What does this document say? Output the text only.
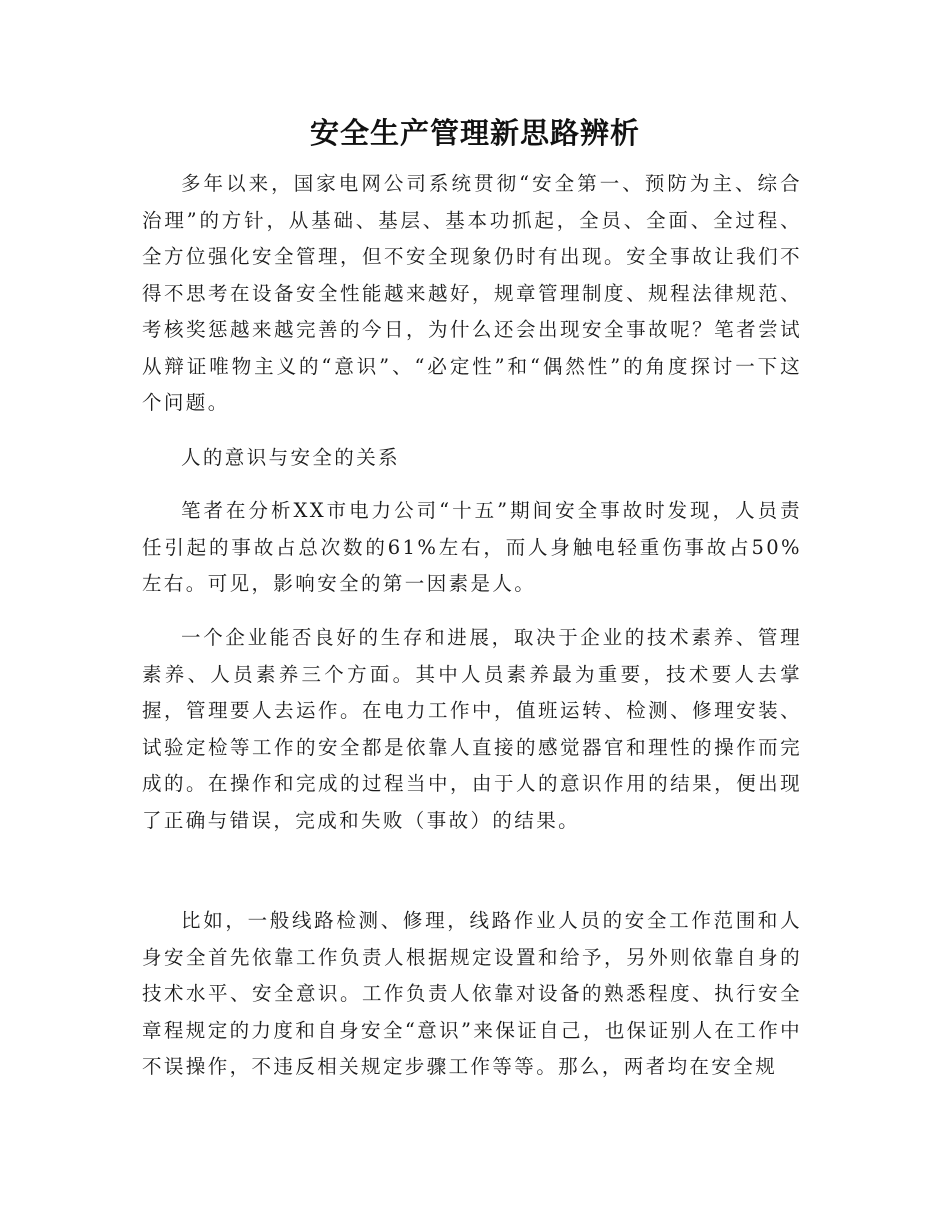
安全生产管理新思路辨析

多年以来，国家电网公司系统贯彻“安全第一、预防为主、综合治理”的方针，从基础、基层、基本功抓起，全员、全面、全过程、全方位强化安全管理，但不安全现象仍时有出现。安全事故让我们不得不思考在设备安全性能越来越好，规章管理制度、规程法律规范、考核奖惩越来越完善的今日，为什么还会出现安全事故呢？笔者尝试从辩证唯物主义的“意识”、“必定性”和“偶然性”的角度探讨一下这个问题。

人的意识与安全的关系

笔者在分析XX市电力公司“十五”期间安全事故时发现，人员责任引起的事故占总次数的61%左右，而人身触电轻重伤事故占50%左右。可见，影响安全的第一因素是人。

一个企业能否良好的生存和进展，取决于企业的技术素养、管理素养、人员素养三个方面。其中人员素养最为重要，技术要人去掌握，管理要人去运作。在电力工作中，值班运转、检测、修理安装、试验定检等工作的安全都是依靠人直接的感觉器官和理性的操作而完成的。在操作和完成的过程当中，由于人的意识作用的结果，便出现了正确与错误，完成和失败（事故）的结果。

比如，一般线路检测、修理，线路作业人员的安全工作范围和人身安全首先依靠工作负责人根据规定设置和给予，另外则依靠自身的技术水平、安全意识。工作负责人依靠对设备的熟悉程度、执行安全章程规定的力度和自身安全“意识”来保证自己，也保证别人在工作中不误操作，不违反相关规定步骤工作等等。那么，两者均在安全规
